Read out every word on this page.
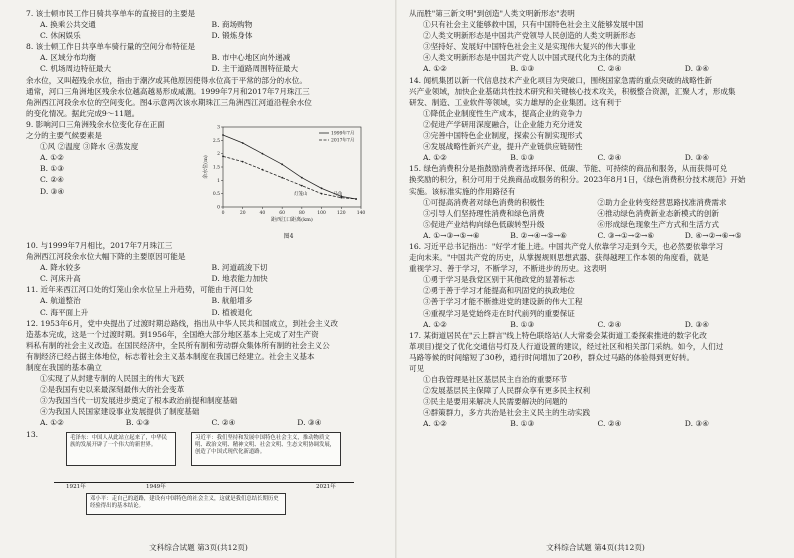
7. 该士顿市民工作日骑共享单车的直接目的主要是
A. 换乘公共交通	B. 商场购物
C. 休闲娱乐	D. 锻炼身体
8. 该士顿工作日共享单车骑行量的空间分布特征是
A. 区域分布均衡	B. 市中心地区向外递减
C. 机场周边特征最大	D. 主干道路周围特征最大
余水位，又叫超残余水位，指由于潮汐或其他原因使得水位高于平常的部分的水位。
通常，河口三角洲地区残余水位越高越易形成咸潮。1999年7月和2017年7月珠江三
角洲西江河段余水位的空间变化。图4示意两次该水期珠江三角洲西江河道沿程余水位
的变化情况。据此完成9～11题。
9. 影响河口三角洲残余水位变化存在正面
之分的主要气候要素是
①风 ②温度 ③降水 ④蒸发度
A. ①②
B. ①③
C. ②④
D. ③④
0	20	40	60	80	100 120 140
0
0.5
1
1.5
2
2.5
3
距西江口距离(km)
余水位(m)
1999年7月
2017年7月
灯笼山	马角
图4
10. 与1999年7月相比，2017年7月珠江三
角洲西江河段余水位大幅下降的主要原因可能是
A. 降水较多	B. 河道疏浚下切
C. 河床升高	D. 地表能力加快
11. 近年来西江河口处的灯笼山余水位呈上升趋势，可能由于河口处
A. 航道整治	B. 航船增多
C. 海平面上升	D. 植被退化
12. 1953年6月，党中央提出了过渡时期总路线，指出从中华人民共和国成立，到社会主义改
造基本完成，这是一个过渡时期。到1956年，全国绝大部分地区基本上完成了对生产资
料私有制的社会主义改造。在国民经济中，全民所有制和劳动群众集体所有制的社会主义公
有制经济已经占据主体地位，标志着社会主义基本制度在我国已经建立。社会主义基本
制度在我国的基本确立
①实现了从封建专制的人民国主的伟大飞跃
②是我国有史以来最深刻最伟大的社会变革
③为我国当代一切发展进步奠定了根本政治前提和制度基础
④为我国人民国家建设事业发展提供了制度基础
A. ①②	B. ①③	C. ②④	D. ③④
13.	毛泽东：中国人从此站立起来了，中华民族的发展开辟了一个伟大的新世界。
习近平：我们坚持和发展中国特色社会主义，推动物质文明、政治文明、精神文明、社会文明、生态文明协调发展，创造了中国式现代化新道路。
1921年	1949年	2021年
邓小平：走自己的道路，建设有中国特色的社会主义，这就是我们总结长期历史经验得出的基本结论。
文科综合试题 第3页(共12页)
从而胜"第三新文明"到创造"人类文明新形态"表明
①只有社会主义能够救中国，只有中国特色社会主义能够发展中国
②人类文明新形态是中国共产党领导人民创造的人类文明新形态
③坚持好、发展好中国特色社会主义是实现伟大复兴的伟大事业
④人类文明新形态是中国共产党人以中国式现代化为主体的贡献
A. ①②	B. ①③	C. ②④	D. ③④
14. 闻机集团以新一代信息技术产业化项目为突破口，围绕国家急需的重点突破的战略性新
兴产业领域，加快企业基础共性技术研究和关键核心技术攻关，积极整合资源，汇聚人才，形成集
研发、制造、工业软件等领域，实力雄厚的企业集团。这有利于
①降低企业制度性生产成本，提高企业的竞争力
②促进产学研用深度融合，让企业能力充分迸发
③完善中国特色企业制度，探索公有制实现形式
④发展战略性新兴产业，提升产业链供应链韧性
A. ①②	B. ①③	C. ②④	D. ③④
15. 绿色消费积分是指鼓励消费者选择环保、低碳、节能、可持续的商品和服务，从而获得可兑
换奖励的积分，积分可用于兑换商品或服务的积分。2023年8月1日，《绿色消费积分技术规范》开始
实施。该标准实施的作用路径有
①可提高消费者对绿色消费的积极性	②助力企业转变经营思路找准消费需求
③引导人们坚持理性消费和绿色消费	④推动绿色消费新业态新模式的创新
⑤促进产业结构向绿色低碳转型升级	⑥形成绿色现象生产方式和生活方式
A. ①→③→⑤→⑥	B. ②→④→⑤→⑥	C. ③→①→②→⑥	D. ④→②→⑥→⑤
16. 习近平总书记指出："好学才能上进。中国共产党人依靠学习走到今天，也必然要依靠学习
走向未来。"中国共产党的历史，从掌握规则思想武器、获得越理工作本领的角度看，就是
重视学习、善于学习，不断学习，不断进步的历史。这表明
①勇于学习是我党区别于其他政党的显著标志
②勇于善于学习才能提高和巩固党的执政地位
③善于学习才能不断推进党的建设新的伟大工程
④重视学习是党始终走在时代前列的重要保证
A. ①②	B. ①③	C. ②④	D. ③④
17. 某街道居民在"云上群言"线上特色联络站(人大常委会某街道工委探索推进的数字化改
革项目)提交了优化交通信号灯及人行道设置的建议，经过社区和相关部门采纳。如今，人们过
马路等候的时间缩短了30秒，通行时间增加了20秒，群众过马路的体验得到更好转。
可见
①自我管理是社区基层民主自治的重要环节
②发展基层民主保障了人民群众享有更多民主权利
③民主是要用来解决人民需要解决的问题的
④群策群力，多方共治是社会主义民主的生动实践
A. ①②	B. ①③	C. ②④	D. ③④
文科综合试题 第4页(共12页)
